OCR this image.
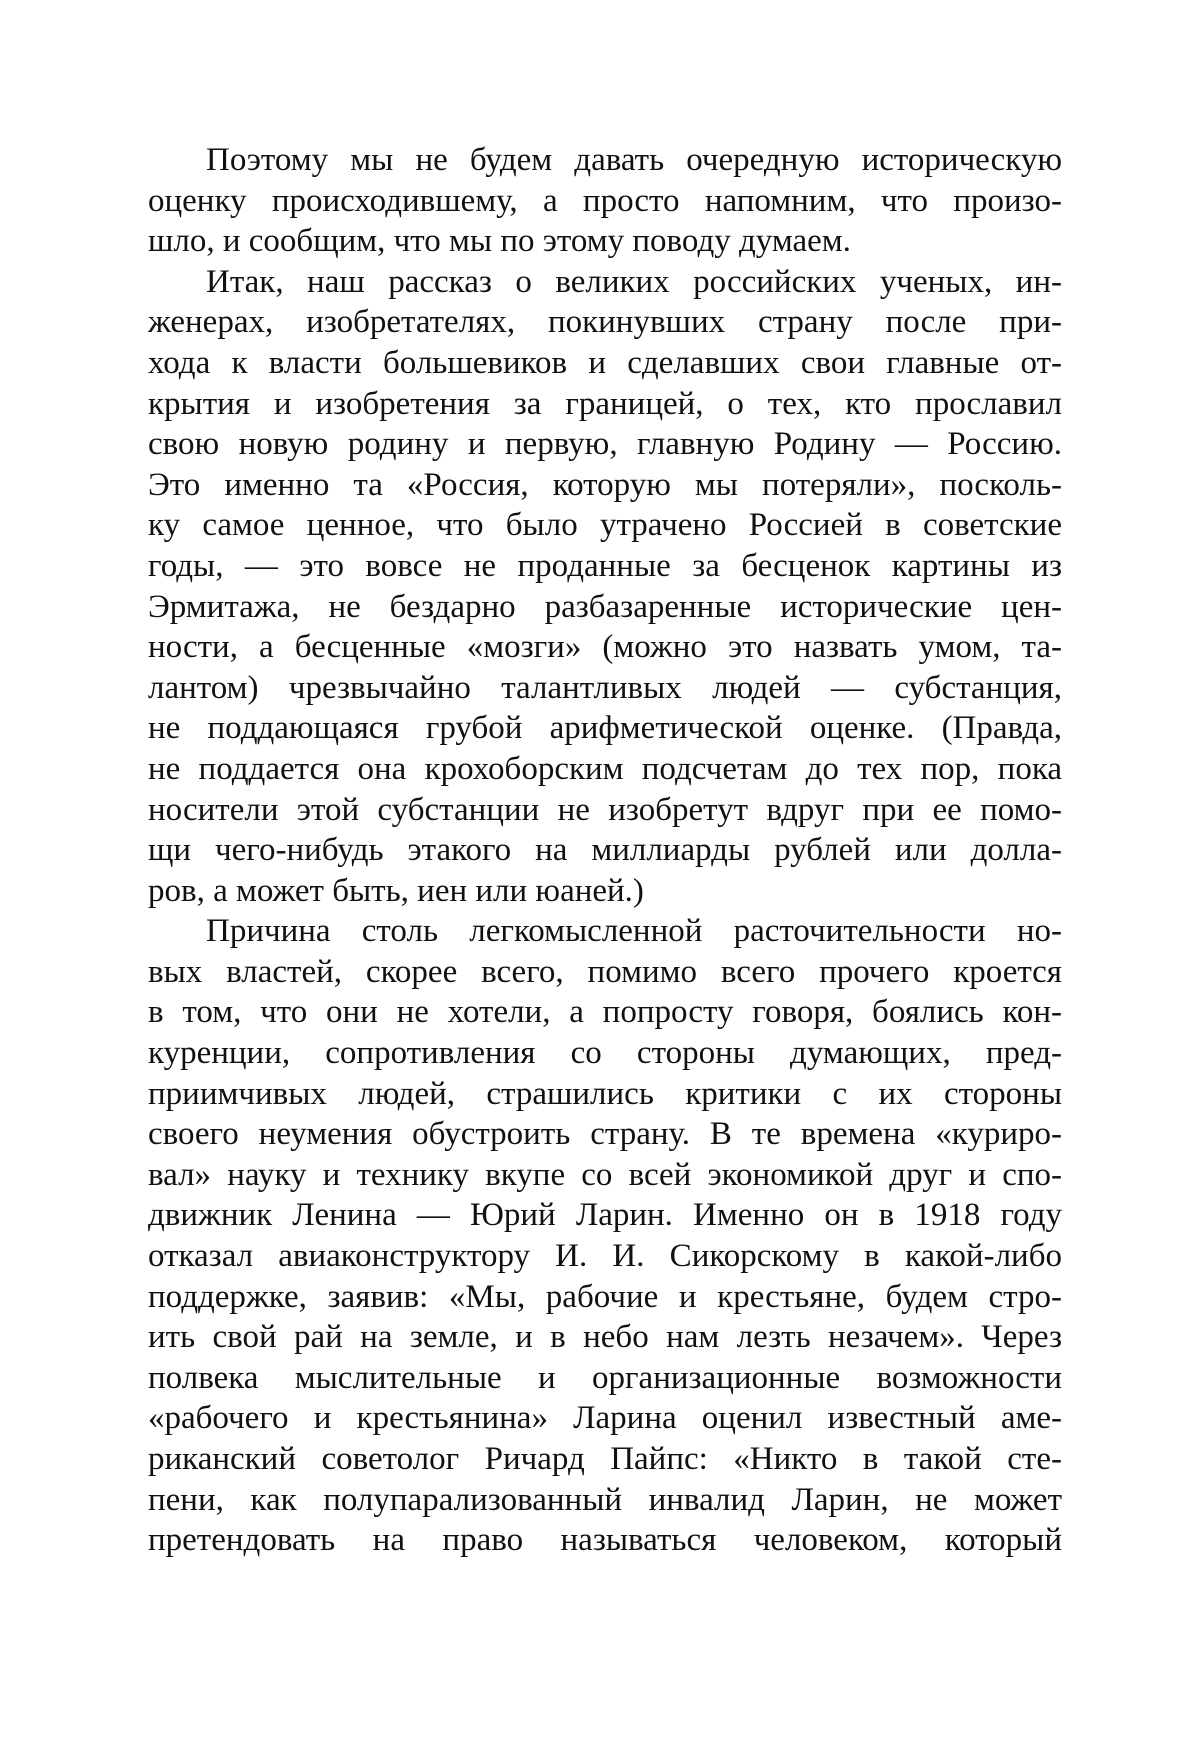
Поэтому мы не будем давать очередную историческую
оценку происходившему, а просто напомним, что произо-
шло, и сообщим, что мы по этому поводу думаем.
Итак, наш рассказ о великих российских ученых, ин-
женерах, изобретателях, покинувших страну после при-
хода к власти большевиков и сделавших свои главные от-
крытия и изобретения за границей, о тех, кто прославил
свою новую родину и первую, главную Родину — Россию.
Это именно та «Россия, которую мы потеряли», посколь-
ку самое ценное, что было утрачено Россией в советские
годы, — это вовсе не проданные за бесценок картины из
Эрмитажа, не бездарно разбазаренные исторические цен-
ности, а бесценные «мозги» (можно это назвать умом, та-
лантом) чрезвычайно талантливых людей — субстанция,
не поддающаяся грубой арифметической оценке. (Правда,
не поддается она крохоборским подсчетам до тех пор, пока
носители этой субстанции не изобретут вдруг при ее помо-
щи чего-нибудь этакого на миллиарды рублей или долла-
ров, а может быть, иен или юаней.)
Причина столь легкомысленной расточительности но-
вых властей, скорее всего, помимо всего прочего кроется
в том, что они не хотели, а попросту говоря, боялись кон-
куренции, сопротивления со стороны думающих, пред-
приимчивых людей, страшились критики с их стороны
своего неумения обустроить страну. В те времена «куриро-
вал» науку и технику вкупе со всей экономикой друг и спо-
движник Ленина — Юрий Ларин. Именно он в 1918 году
отказал авиаконструктору И. И. Сикорскому в какой-либо
поддержке, заявив: «Мы, рабочие и крестьяне, будем стро-
ить свой рай на земле, и в небо нам лезть незачем». Через
полвека мыслительные и организационные возможности
«рабочего и крестьянина» Ларина оценил известный аме-
риканский советолог Ричард Пайпс: «Никто в такой сте-
пени, как полупарализованный инвалид Ларин, не может
претендовать на право называться человеком, который
